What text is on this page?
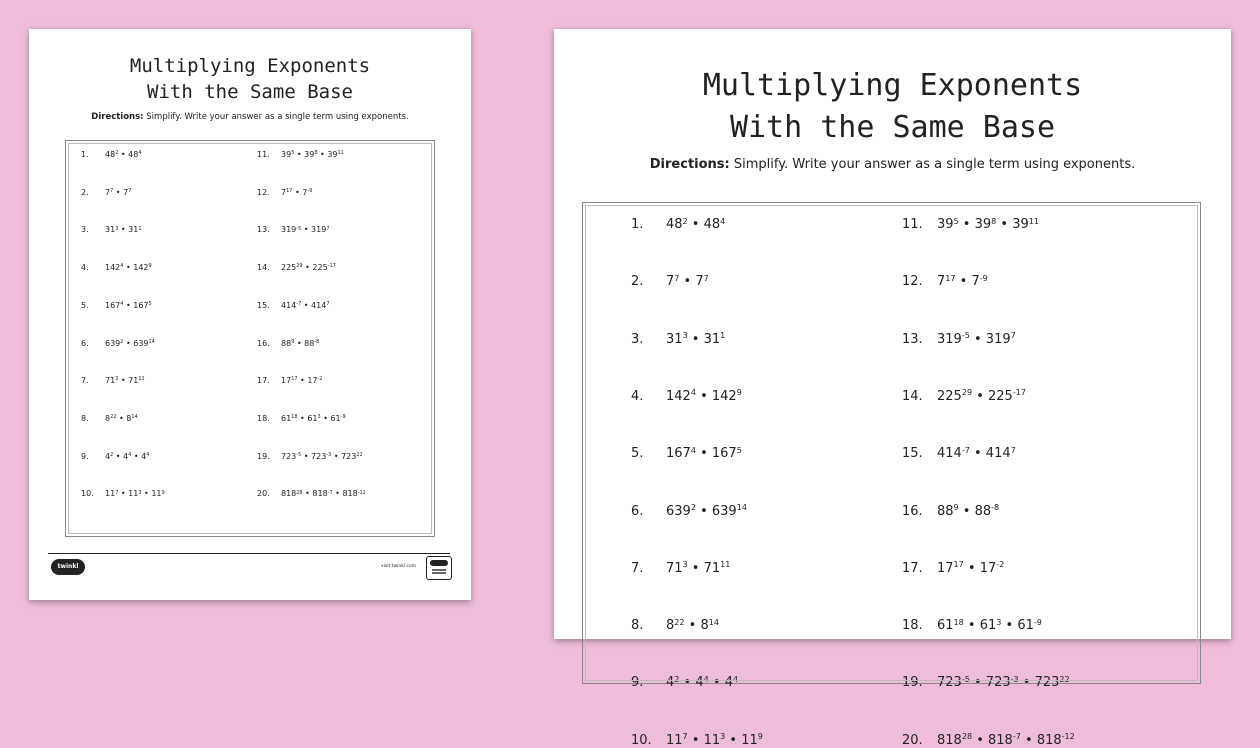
Multiplying Exponents
With the Same Base
Directions: Simplify. Write your answer as a single term using exponents.
1. $48^2$ • $48^4$
2. $7^7$ • $7^7$
3. $31^3$ • $31^1$
4. $142^4$ • $142^9$
5. $167^4$ • $167^5$
6. $639^2$ • $639^{14}$
7. $71^3$ • $71^{11}$
8. $8^{22}$ • $8^{14}$
9. $4^2$ • $4^4$ • $4^4$
10. $11^7$ • $11^3$ • $11^9$
11. $39^5$ • $39^8$ • $39^{11}$
12. $7^{17}$ • $7^{-9}$
13. $319^{-5}$ • $319^7$
14. $225^{29}$ • $225^{-17}$
15. $414^{-7}$ • $414^7$
16. $88^9$ • $88^{-8}$
17. $17^{17}$ • $17^{-2}$
18. $61^{18}$ • $61^3$ • $61^{-9}$
19. $723^{-5}$ • $723^{-3}$ • $723^{22}$
20. $818^{28}$ • $818^{-7}$ • $818^{-12}$
twinkl	visit twinkl.com
Multiplying Exponents
With the Same Base
Directions: Simplify. Write your answer as a single term using exponents.
1. $48^2$ • $48^4$
2. $7^7$ • $7^7$
3. $31^3$ • $31^1$
4. $142^4$ • $142^9$
5. $167^4$ • $167^5$
6. $639^2$ • $639^{14}$
7. $71^3$ • $71^{11}$
8. $8^{22}$ • $8^{14}$
9. $4^2$ • $4^4$ • $4^4$
10. $11^7$ • $11^3$ • $11^9$
11. $39^5$ • $39^8$ • $39^{11}$
12. $7^{17}$ • $7^{-9}$
13. $319^{-5}$ • $319^7$
14. $225^{29}$ • $225^{-17}$
15. $414^{-7}$ • $414^7$
16. $88^9$ • $88^{-8}$
17. $17^{17}$ • $17^{-2}$
18. $61^{18}$ • $61^3$ • $61^{-9}$
19. $723^{-5}$ • $723^{-3}$ • $723^{22}$
20. $818^{28}$ • $818^{-7}$ • $818^{-12}$
